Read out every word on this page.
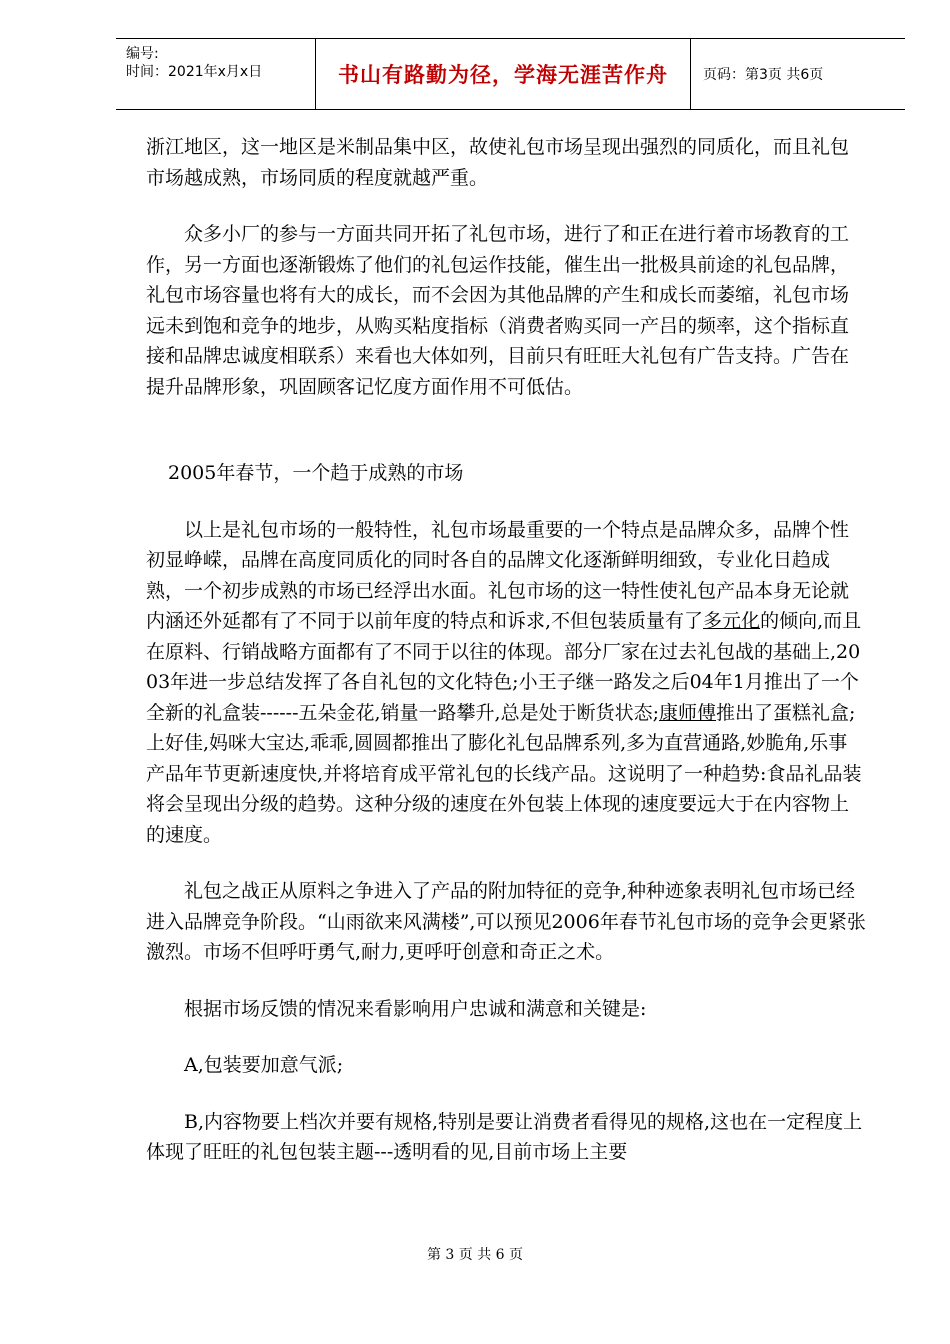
编号:
时间：2021年x月x日	书山有路勤为径，学海无涯苦作舟	页码：第3页 共6页

浙江地区，这一地区是米制品集中区，故使礼包市场呈现出强烈的同质化，而且礼包市场越成熟，市场同质的程度就越严重。

众多小厂的参与一方面共同开拓了礼包市场，进行了和正在进行着市场教育的工作，另一方面也逐渐锻炼了他们的礼包运作技能，催生出一批极具前途的礼包品牌，礼包市场容量也将有大的成长，而不会因为其他品牌的产生和成长而萎缩，礼包市场远未到饱和竞争的地步，从购买粘度指标（消费者购买同一产吕的频率，这个指标直接和品牌忠诚度相联系）来看也大体如列，目前只有旺旺大礼包有广告支持。广告在提升品牌形象，巩固顾客记忆度方面作用不可低估。

2005年春节，一个趋于成熟的市场

以上是礼包市场的一般特性，礼包市场最重要的一个特点是品牌众多，品牌个性初显峥嵘，品牌在高度同质化的同时各自的品牌文化逐渐鲜明细致，专业化日趋成熟，一个初步成熟的市场已经浮出水面。礼包市场的这一特性使礼包产品本身无论就内涵还外延都有了不同于以前年度的特点和诉求,不但包装质量有了多元化的倾向,而且在原料、行销战略方面都有了不同于以往的体现。部分厂家在过去礼包战的基础上,2003年进一步总结发挥了各自礼包的文化特色;小王子继一路发之后04年1月推出了一个全新的礼盒装------五朵金花,销量一路攀升,总是处于断货状态;康师傅推出了蛋糕礼盒;上好佳,妈咪大宝达,乖乖,圆圆都推出了膨化礼包品牌系列,多为直营通路,妙脆角,乐事产品年节更新速度快,并将培育成平常礼包的长线产品。这说明了一种趋势:食品礼品装将会呈现出分级的趋势。这种分级的速度在外包装上体现的速度要远大于在内容物上的速度。

礼包之战正从原料之争进入了产品的附加特征的竞争,种种迹象表明礼包市场已经进入品牌竞争阶段。“山雨欲来风满楼”,可以预见2006年春节礼包市场的竞争会更紧张激烈。市场不但呼吁勇气,耐力,更呼吁创意和奇正之术。

根据市场反馈的情况来看影响用户忠诚和满意和关键是:

A,包装要加意气派;

B,内容物要上档次并要有规格,特别是要让消费者看得见的规格,这也在一定程度上体现了旺旺的礼包包装主题---透明看的见,目前市场上主要

第 3 页 共 6 页
